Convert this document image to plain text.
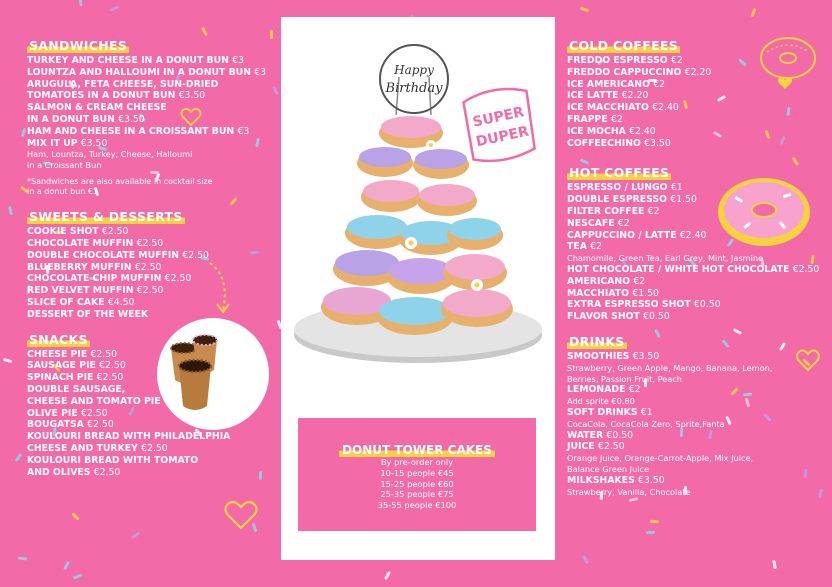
SANDWICHES
TURKEY AND CHEESE IN A DONUT BUN €3
LOUNTZA AND HALLOUMI IN A DONUT BUN €3
ARUGULA, FETA CHEESE, SUN-DRIED
TOMATOES IN A DONUT BUN €3.50
SALMON & CREAM CHEESE
IN A DONUT BUN €3.50
HAM AND CHEESE IN A CROISSANT BUN €3
MIX IT UP €3.50
Ham, Lountza, Turkey, Cheese, Halloumi
in a Croissant Bun
*Sandwiches are also available in cocktail size
in a donut bun €1
SWEETS & DESSERTS
COOKIE SHOT €2.50
CHOCOLATE MUFFIN €2.50
DOUBLE CHOCOLATE MUFFIN €2.50
BLUEBERRY MUFFIN €2.50
CHOCOLATE CHIP MUFFIN €2.50
RED VELVET MUFFIN €2.50
SLICE OF CAKE €4.50
DESSERT OF THE WEEK
SNACKS
CHEESE PIE €2.50
SAUSAGE PIE €2.50
SPINACH PIE €2.50
DOUBLE SAUSAGE,
CHEESE AND TOMATO PIE
OLIVE PIE €2.50
BOUGATSA €2.50
KOULOURI BREAD WITH PHILADELPHIA
CHEESE AND TURKEY €2.50
KOULOURI BREAD WITH TOMATO
AND OLIVES €2.50
Happy
Birthday
SUPER
DUPER
DONUT TOWER CAKES
By pre-order only
10-15 people €45
15-25 people €60
25-35 people €75
35-55 people €100
COLD COFFEES
FREDDO ESPRESSO €2
FREDDO CAPPUCCINO €2.20
ICE AMERICANO €2
ICE LATTE €2.20
ICE MACCHIATO €2.40
FRAPPE €2
ICE MOCHA €2.40
COFFEECHINO €3.50
HOT COFFEES
ESPRESSO / LUNGO €1
DOUBLE ESPRESSO €1.50
FILTER COFFEE €2
NESCAFE €2
CAPPUCCINO / LATTE €2.40
TEA €2
Chamomile, Green Tea, Earl Grey, Mint, Jasmine
HOT CHOCOLATE / WHITE HOT CHOCOLATE €2.50
AMERICANO €2
MACCHIATO €1.50
EXTRA ESPRESSO SHOT €0.50
FLAVOR SHOT €0.50
DRINKS
SMOOTHIES €3.50
Strawberry, Green Apple, Mango, Banana, Lemon,
Berries, Passion Fruit, Peach
LEMONADE €2
Add sprite €0.80
SOFT DRINKS €1
CocaCola, CocaCola Zero, Sprite,Fanta
WATER €0.50
JUICE €2.50
Orange Juice, Orange-Carrot-Apple, Mix Juice,
Balance Green Juice
MILKSHAKES €3.50
Strawberry, Vanilla, Chocolate
